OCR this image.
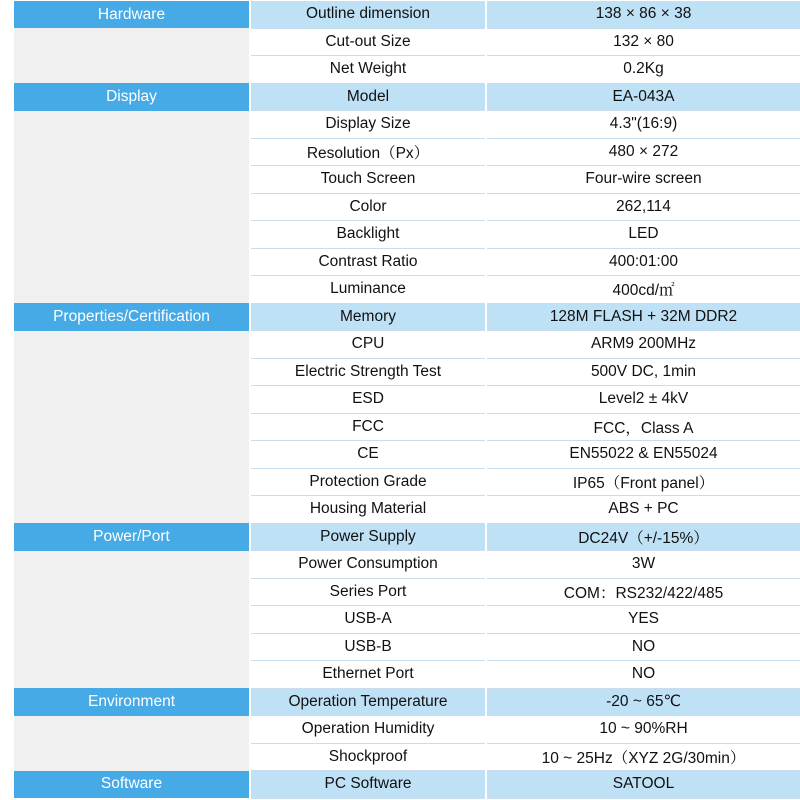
Hardware	Outline dimension	138 × 86 × 38
	Cut-out Size	132 × 80
	Net Weight	0.2Kg
Display	Model	EA-043A
	Display Size	4.3"(16:9)
	Resolution（Px）	480 × 272
	Touch Screen	Four-wire screen
	Color	262,114
	Backlight	LED
	Contrast Ratio	400:01:00
	Luminance	400cd/㎡
Properties/Certification	Memory	128M FLASH + 32M DDR2
	CPU	ARM9 200MHz
	Electric Strength Test	500V DC, 1min
	ESD	Level2 ± 4kV
	FCC	FCC，Class A
	CE	EN55022 & EN55024
	Protection Grade	IP65（Front panel）
	Housing Material	ABS + PC
Power/Port	Power Supply	DC24V（+/-15%）
	Power Consumption	3W
	Series Port	COM：RS232/422/485
	USB-A	YES
	USB-B	NO
	Ethernet Port	NO
Environment	Operation Temperature	-20 ~ 65℃
	Operation Humidity	10 ~ 90%RH
	Shockproof	10 ~ 25Hz（XYZ 2G/30min）
Software	PC Software	SATOOL
